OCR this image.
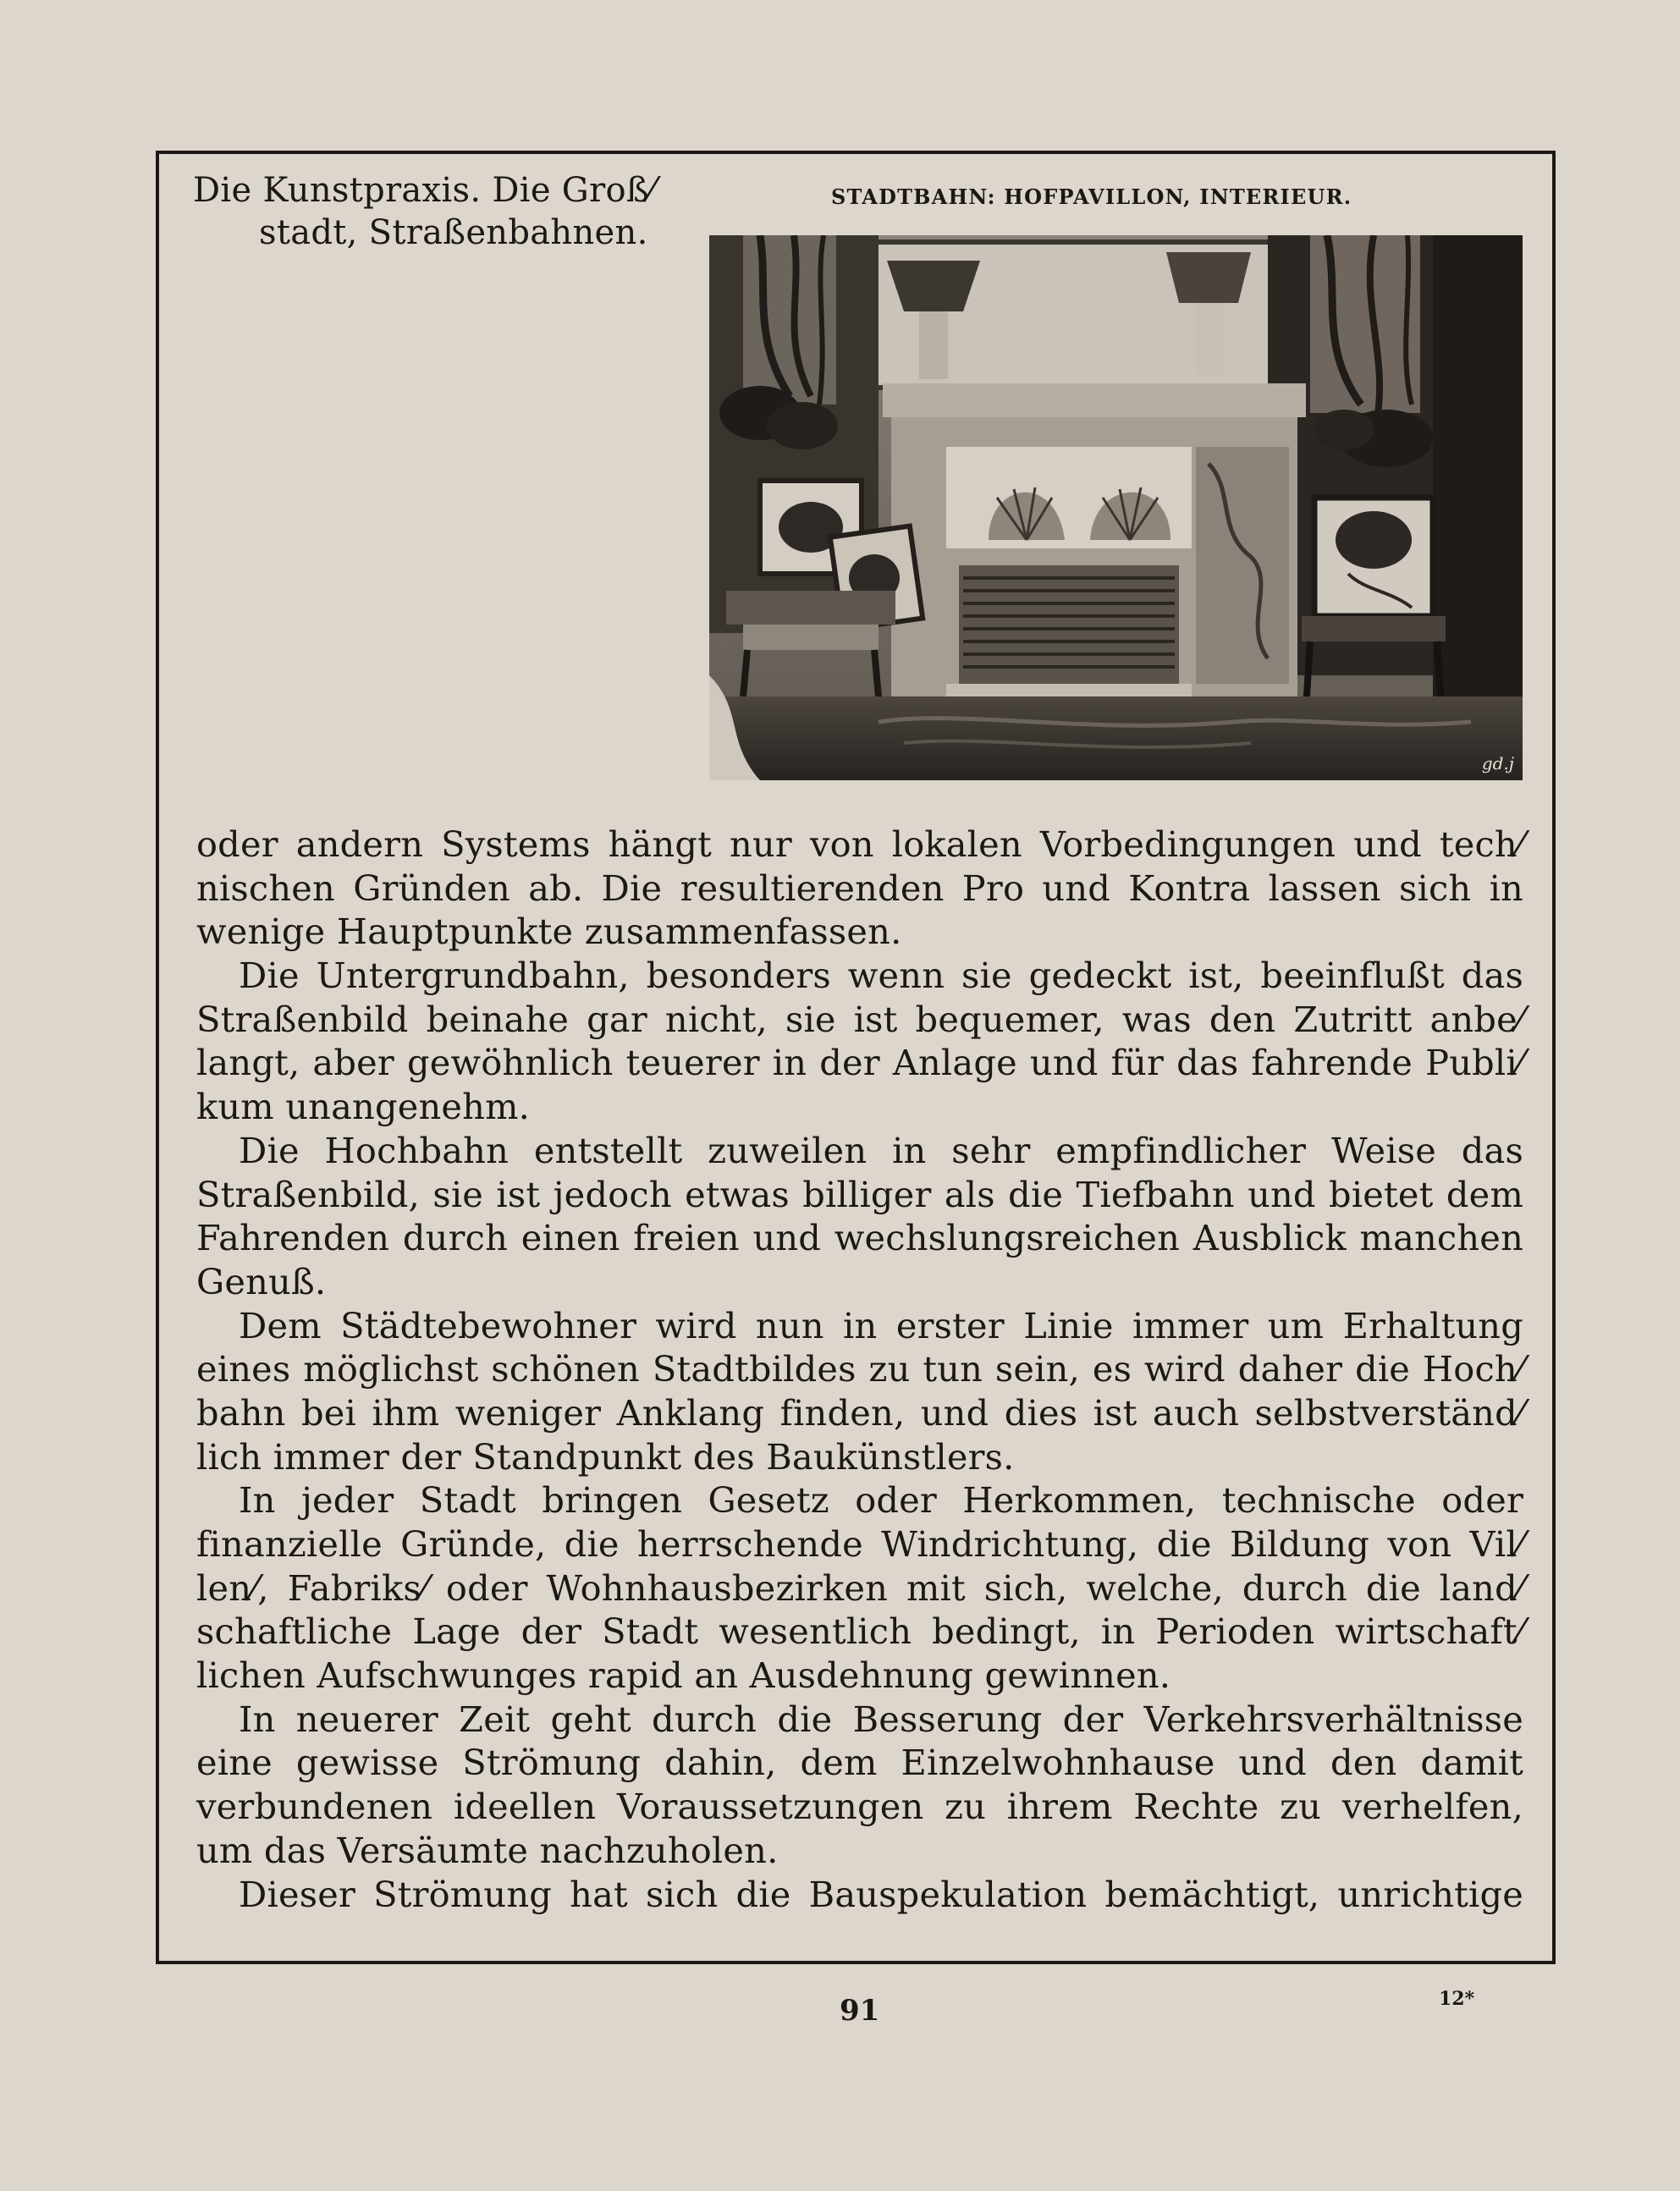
Die Kunstpraxis. Die Groß⁄
stadt, Straßenbahnen.
STADTBAHN: HOFPAVILLON, INTERIEUR.
gd.j
oder andern Systems hängt nur von lokalen Vorbedingungen und tech⁄
nischen Gründen ab. Die resultierenden Pro und Kontra lassen sich in
wenige Hauptpunkte zusammenfassen.
Die Untergrundbahn, besonders wenn sie gedeckt ist, beeinflußt das
Straßenbild beinahe gar nicht, sie ist bequemer, was den Zutritt anbe⁄
langt, aber gewöhnlich teuerer in der Anlage und für das fahrende Publi⁄
kum unangenehm.
Die Hochbahn entstellt zuweilen in sehr empfindlicher Weise das
Straßenbild, sie ist jedoch etwas billiger als die Tiefbahn und bietet dem
Fahrenden durch einen freien und wechslungsreichen Ausblick manchen
Genuß.
Dem Städtebewohner wird nun in erster Linie immer um Erhaltung
eines möglichst schönen Stadtbildes zu tun sein, es wird daher die Hoch⁄
bahn bei ihm weniger Anklang finden, und dies ist auch selbstverständ⁄
lich immer der Standpunkt des Baukünstlers.
In jeder Stadt bringen Gesetz oder Herkommen, technische oder
finanzielle Gründe, die herrschende Windrichtung, die Bildung von Vil⁄
len⁄, Fabriks⁄ oder Wohnhausbezirken mit sich, welche, durch die land⁄
schaftliche Lage der Stadt wesentlich bedingt, in Perioden wirtschaft⁄
lichen Aufschwunges rapid an Ausdehnung gewinnen.
In neuerer Zeit geht durch die Besserung der Verkehrsverhältnisse
eine gewisse Strömung dahin, dem Einzelwohnhause und den damit
verbundenen ideellen Voraussetzungen zu ihrem Rechte zu verhelfen,
um das Versäumte nachzuholen.
Dieser Strömung hat sich die Bauspekulation bemächtigt, unrichtige
91	12*
